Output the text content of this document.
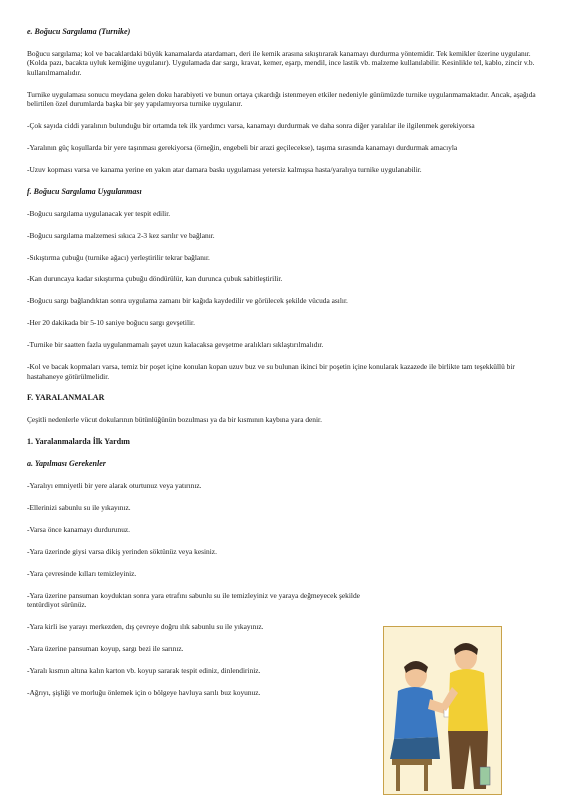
e. Boğucu Sargılama (Turnike)
Boğucu sargılama; kol ve bacaklardaki büyük kanamalarda atardamarı, deri ile kemik arasına sıkıştırarak kanamayı durdurma yöntemidir. Tek kemikler üzerine uygulanır. (Kolda pazı, bacakta uyluk kemiğine uygulanır). Uygulamada dar sargı, kravat, kemer, eşarp, mendil, ince lastik vb. malzeme kullanılabilir. Kesinlikle tel, kablo, zincir v.b. kullanılmamalıdır.
Turnike uygulaması sonucu meydana gelen doku harabiyeti ve bunun ortaya çıkardığı istenmeyen etkiler nedeniyle günümüzde turnike uygulanmamaktadır. Ancak, aşağıda belirtilen özel durumlarda başka bir şey yapılamıyorsa turnike uygulanır.
-Çok sayıda ciddi yaralının bulunduğu bir ortamda tek ilk yardımcı varsa, kanamayı durdurmak ve daha sonra diğer yaralılar ile ilgilenmek gerekiyorsa
-Yaralının güç koşullarda bir yere taşınması gerekiyorsa (örneğin, engebeli bir arazi geçilecekse), taşıma sırasında kanamayı durdurmak amacıyla
-Uzuv kopması varsa ve kanama yerine en yakın atar damara baskı uygulaması yetersiz kalmışsa hasta/yaralıya turnike uygulanabilir.
f. Boğucu Sargılama Uygulanması
-Boğucu sargılama uygulanacak yer tespit edilir.
-Boğucu sargılama malzemesi sıkıca 2-3 kez sarılır ve bağlanır.
-Sıkıştırma çubuğu (turnike ağacı) yerleştirilir tekrar bağlanır.
-Kan duruncaya kadar sıkıştırma çubuğu döndürülür, kan durunca çubuk sabitleştirilir.
-Boğucu sargı bağlandıktan sonra uygulama zamanı bir kağıda kaydedilir ve görülecek şekilde vücuda asılır.
-Her 20 dakikada bir 5-10 saniye boğucu sargı gevşetilir.
-Turnike bir saatten fazla uygulanmamalı şayet uzun kalacaksa gevşetme aralıkları sıklaştırılmalıdır.
-Kol ve bacak kopmaları varsa, temiz bir poşet içine konulan kopan uzuv buz ve su bulunan ikinci bir poşetin içine konularak kazazede ile birlikte tam teşekküllü bir hastahaneye götürülmelidir.
F. YARALANMALAR
Çeşitli nedenlerle vücut dokularının bütünlüğünün bozulması ya da bir kısmının kaybına yara denir.
1. Yaralanmalarda İlk Yardım
a. Yapılması Gerekenler
-Yaralıyı emniyetli bir yere alarak oturtunuz veya yatırınız.
-Ellerinizi sabunlu su ile yıkayınız.
-Varsa önce kanamayı durdurunuz.
-Yara üzerinde giysi varsa dikiş yerinden söktünüz veya kesiniz.
-Yara çevresinde kılları temizleyiniz.
-Yara üzerine pansuman koyduktan sonra yara etrafını sabunlu su ile temizleyiniz ve yaraya değmeyecek şekilde tentürdiyot sürünüz.
-Yara kirli ise yarayı merkezden, dış çevreye doğru ılık sabunlu su ile yıkayınız.
-Yara üzerine pansuman koyup, sargı bezi ile sarınız.
-Yaralı kısmın altına kalın karton vb. koyup sararak tespit ediniz, dinlendiriniz.
-Ağrıyı, şişliği ve morluğu önlemek için o bölgeye havluya sarılı buz koyunuz.
